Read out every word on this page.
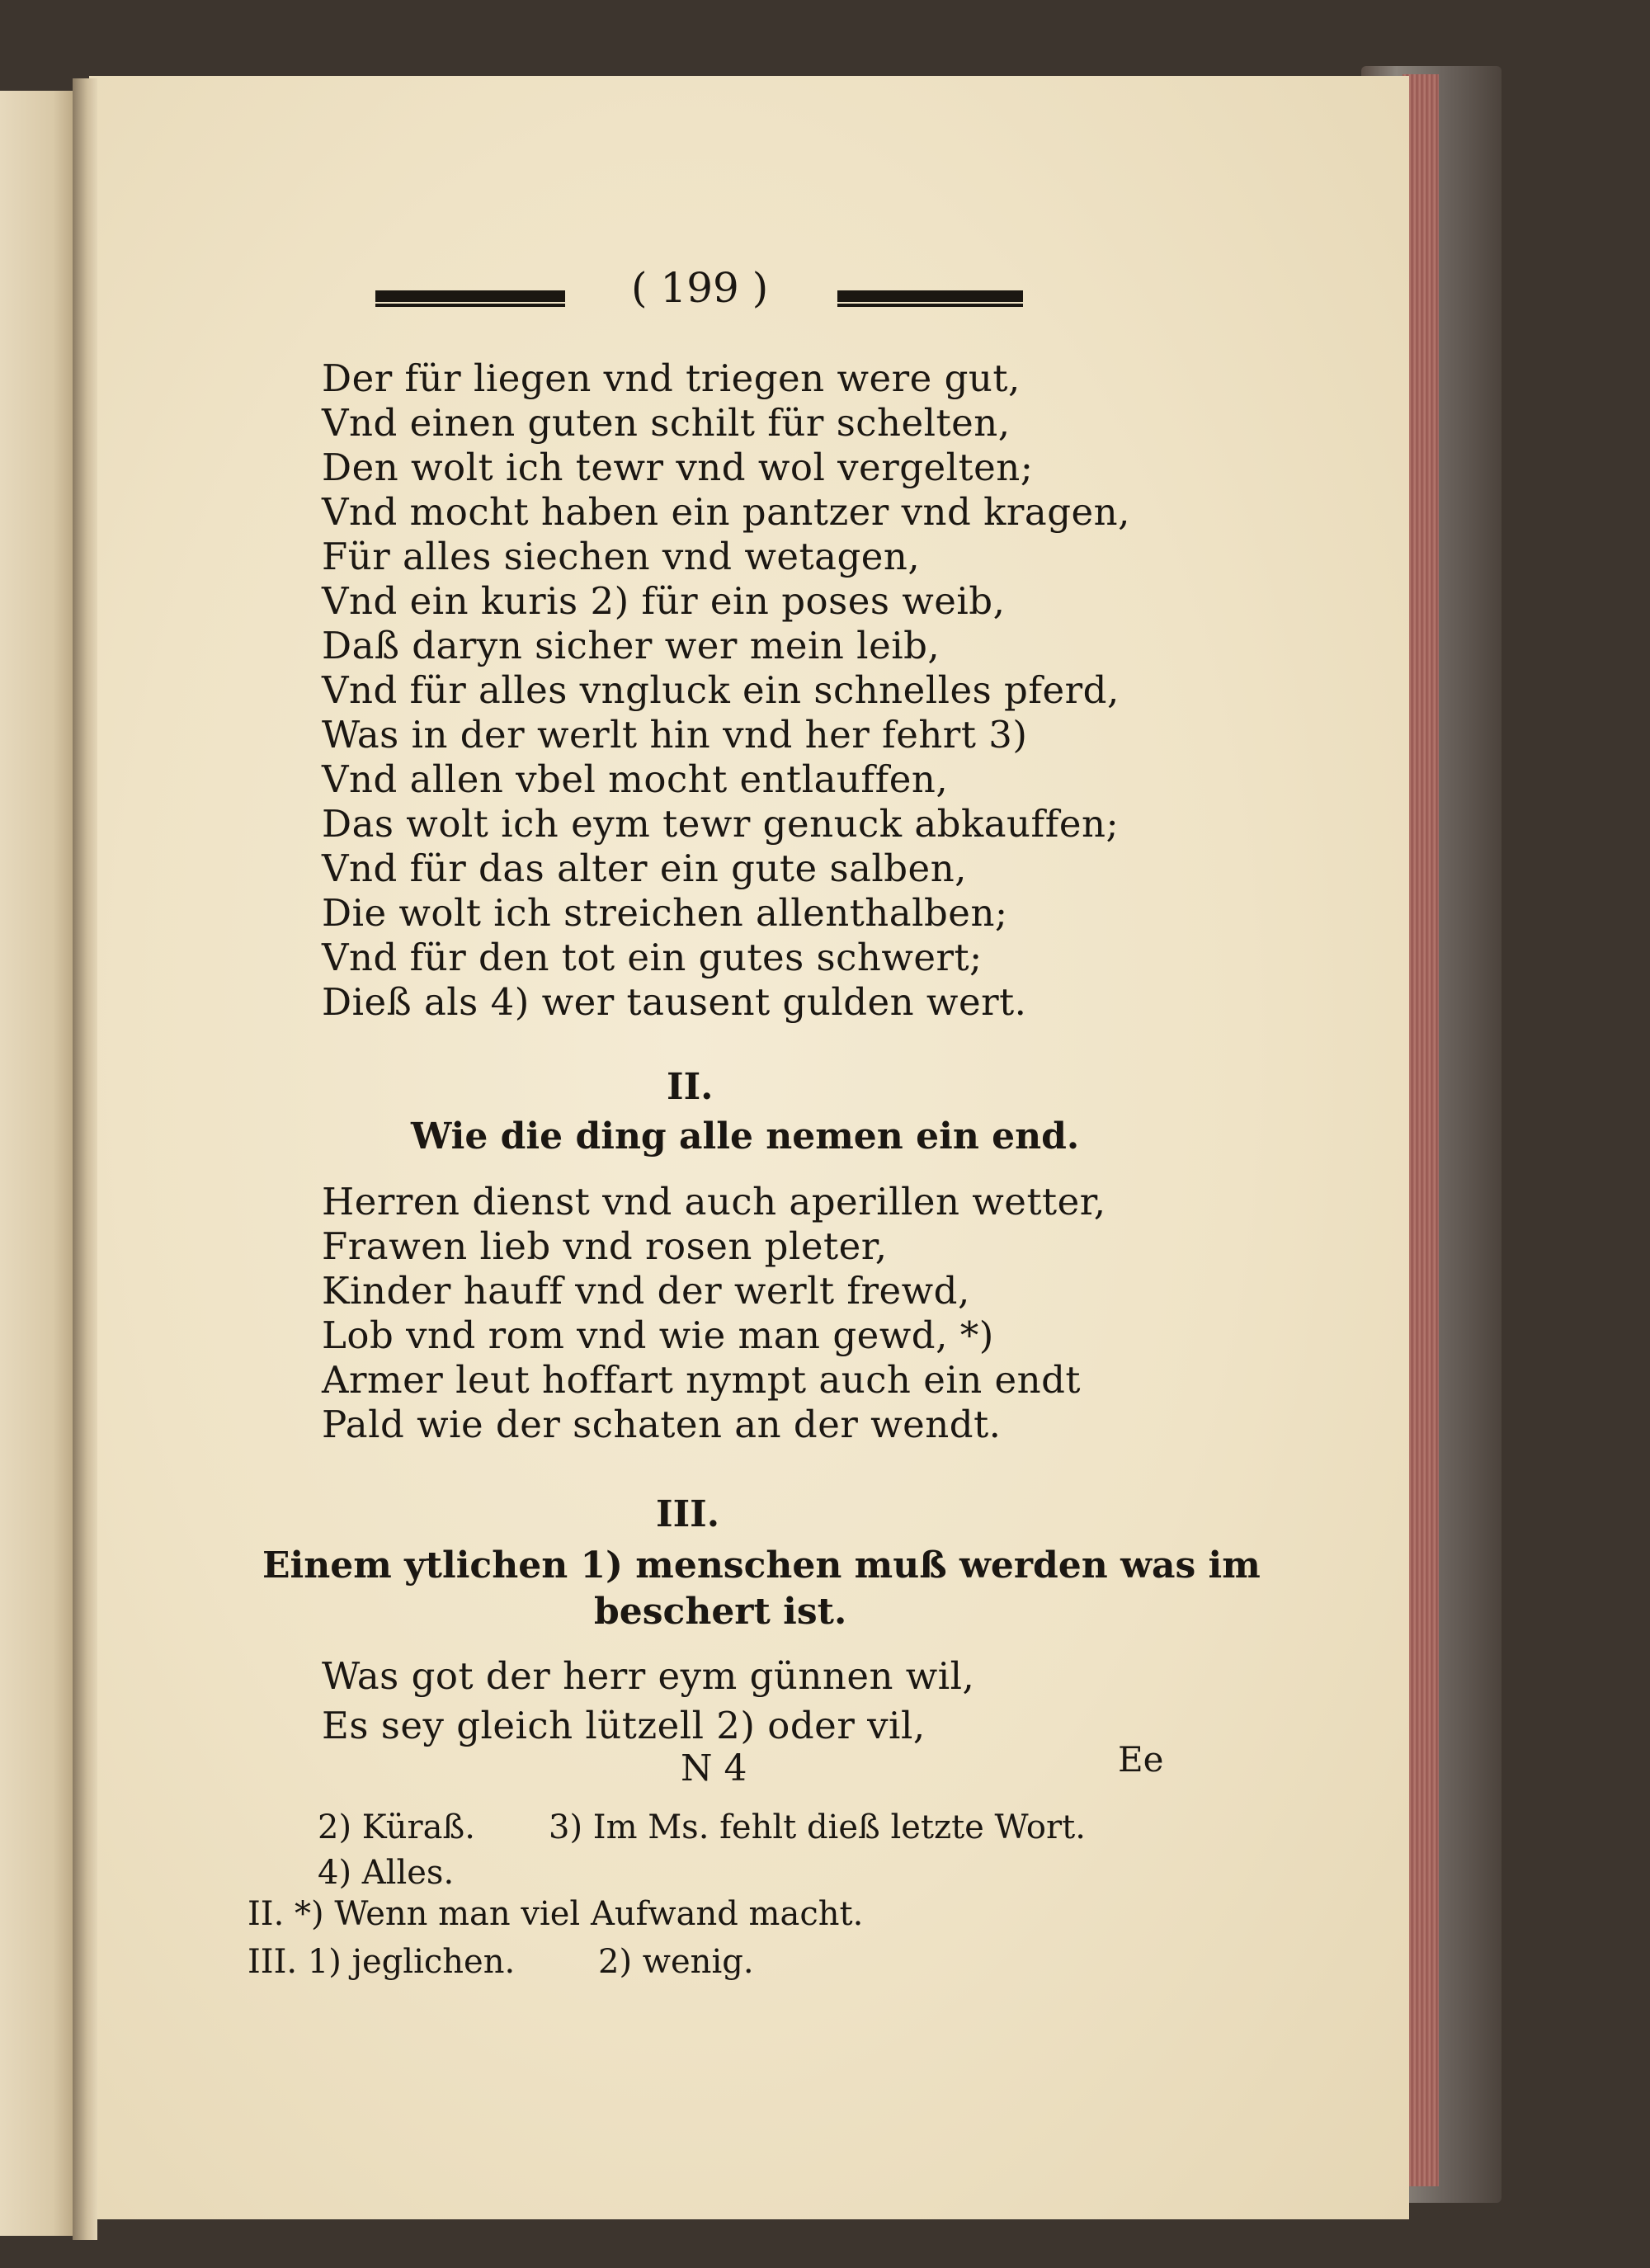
( 199 )
Der für liegen vnd triegen were gut,
Vnd einen guten schilt für schelten,
Den wolt ich tewr vnd wol vergelten;
Vnd mocht haben ein pantzer vnd kragen,
Für alles siechen vnd wetagen,
Vnd ein kuris 2) für ein poses weib,
Daß daryn sicher wer mein leib,
Vnd für alles vngluck ein schnelles pferd,
Was in der werlt hin vnd her fehrt 3)
Vnd allen vbel mocht entlauffen,
Das wolt ich eym tewr genuck abkauffen;
Vnd für das alter ein gute salben,
Die wolt ich streichen allenthalben;
Vnd für den tot ein gutes schwert;
Dieß als 4) wer tausent gulden wert.
II.
Wie die ding alle nemen ein end.
Herren dienst vnd auch aperillen wetter,
Frawen lieb vnd rosen pleter,
Kinder hauff vnd der werlt frewd,
Lob vnd rom vnd wie man gewd, *)
Armer leut hoffart nympt auch ein endt
Pald wie der schaten an der wendt.
III.
Einem ytlichen 1) menschen muß werden was im
beschert ist.
Was got der herr eym günnen wil,
Es sey gleich lützell 2) oder vil,
N 4	Ee
2) Küraß. 3) Im Ms. fehlt dieß letzte Wort.
4) Alles.
II. *) Wenn man viel Aufwand macht.
III. 1) jeglichen.	2) wenig.
